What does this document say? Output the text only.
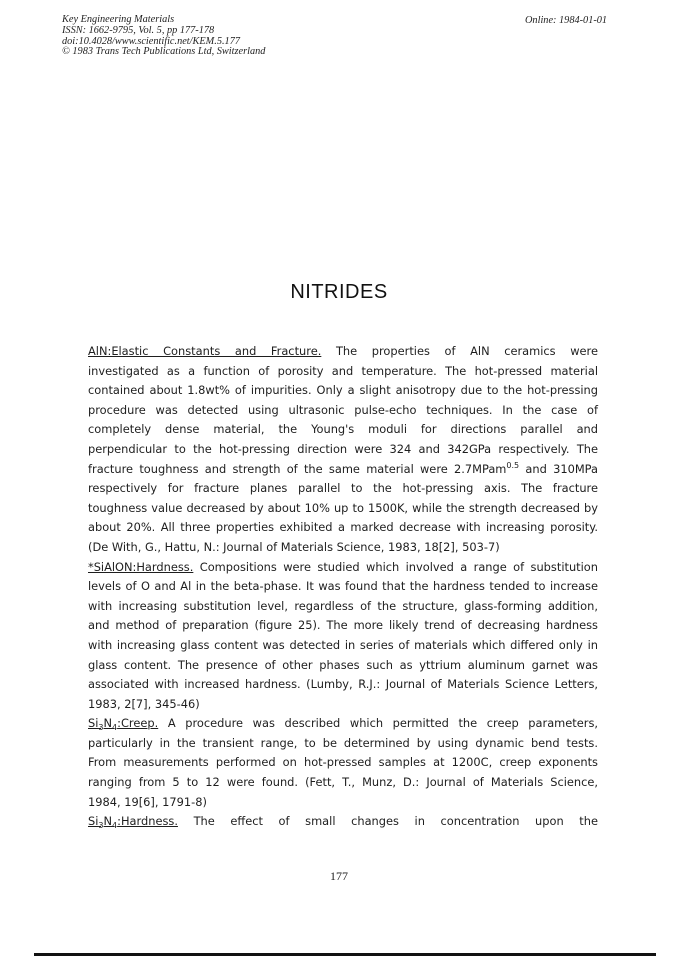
Key Engineering Materials
ISSN: 1662-9795, Vol. 5, pp 177-178
doi:10.4028/www.scientific.net/KEM.5.177
© 1983 Trans Tech Publications Ltd, Switzerland
Online: 1984-01-01
NITRIDES
AlN:Elastic Constants and Fracture. The properties of AlN ceramics were
investigated as a function of porosity and temperature. The hot-pressed material
contained about 1.8wt% of impurities. Only a slight anisotropy due to the hot-pressing
procedure was detected using ultrasonic pulse-echo techniques. In the case of
completely dense material, the Young's moduli for directions parallel and
perpendicular to the hot-pressing direction were 324 and 342GPa respectively. The
fracture toughness and strength of the same material were 2.7MPam$^{0.5}$ and 310MPa
respectively for fracture planes parallel to the hot-pressing axis. The fracture
toughness value decreased by about 10% up to 1500K, while the strength decreased by
about 20%. All three properties exhibited a marked decrease with increasing porosity.
(De With, G., Hattu, N.: Journal of Materials Science, 1983, 18[2], 503-7)
*SiAlON:Hardness. Compositions were studied which involved a range of substitution
levels of O and Al in the beta-phase. It was found that the hardness tended to increase
with increasing substitution level, regardless of the structure, glass-forming addition,
and method of preparation (figure 25). The more likely trend of decreasing hardness
with increasing glass content was detected in series of materials which differed only in
glass content. The presence of other phases such as yttrium aluminum garnet was
associated with increased hardness. (Lumby, R.J.: Journal of Materials Science Letters,
1983, 2[7], 345-46)
$Si_3N_4:Creep$. A procedure was described which permitted the creep parameters,
particularly in the transient range, to be determined by using dynamic bend tests.
From measurements performed on hot-pressed samples at 1200C, creep exponents
ranging from 5 to 12 were found. (Fett, T., Munz, D.: Journal of Materials Science,
1984, 19[6], 1791-8)
$Si_3N_4:Hardness$. The effect of small changes in concentration upon the
177
